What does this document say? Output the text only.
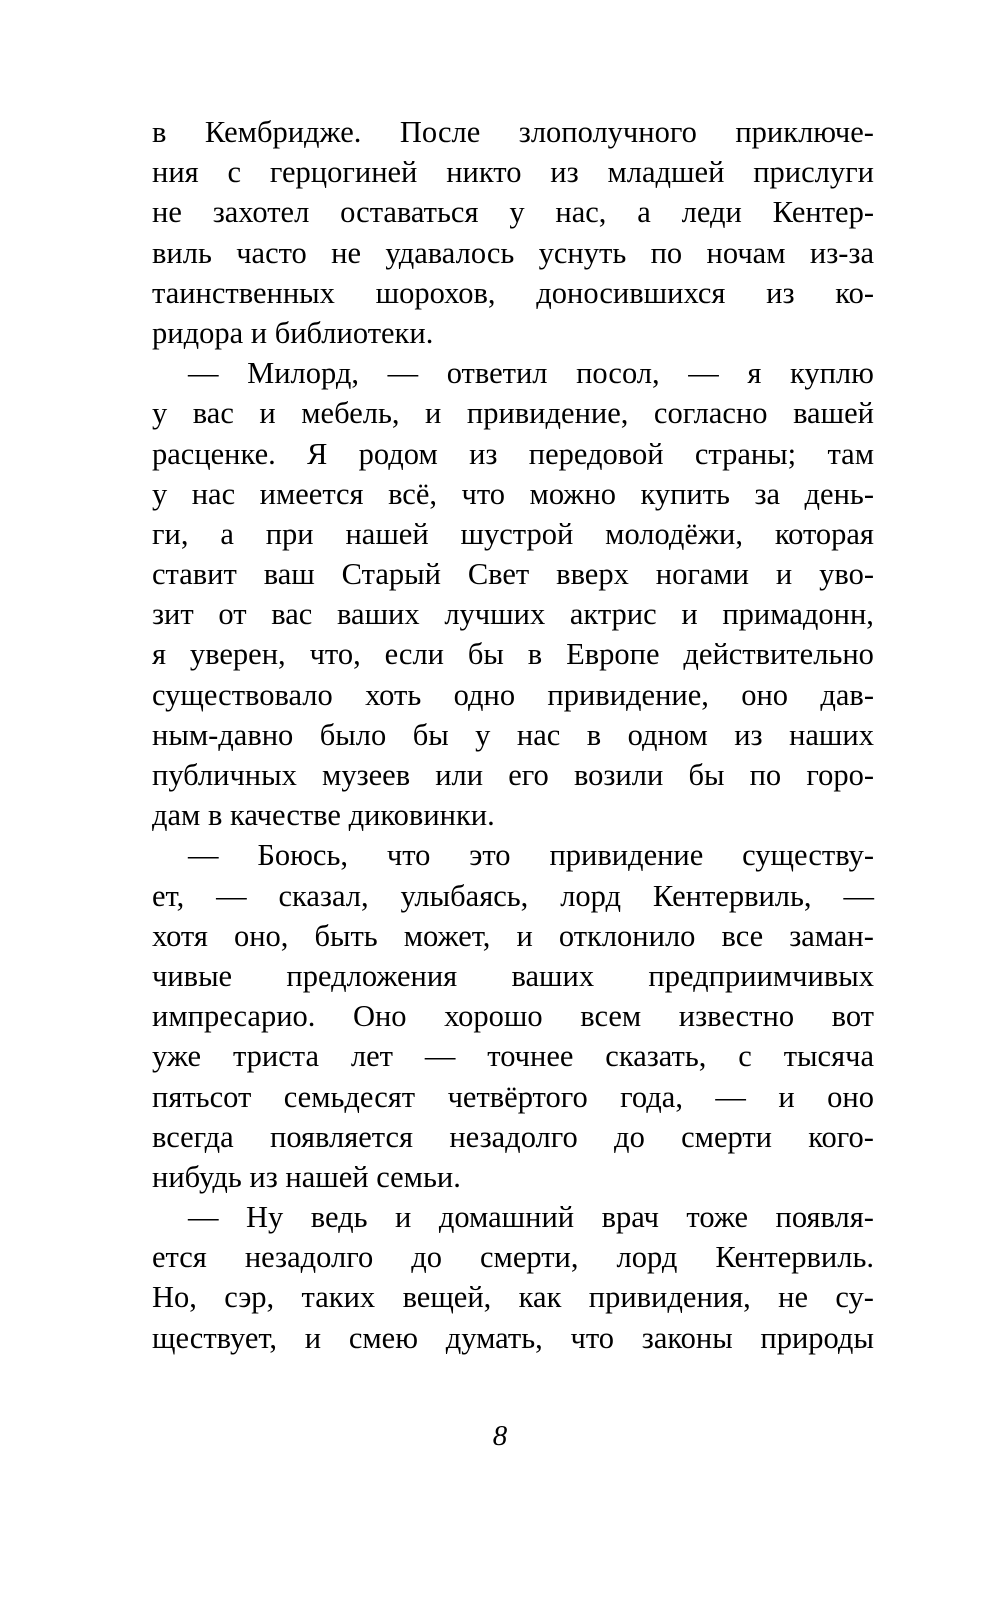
в Кембридже. После злополучного приключе-
ния с герцогиней никто из младшей прислуги
не захотел оставаться у нас, а леди Кентер-
виль часто не удавалось уснуть по ночам из-за
таинственных шорохов, доносившихся из ко-
ридора и библиотеки.
— Милорд, — ответил посол, — я куплю
у вас и мебель, и привидение, согласно вашей
расценке. Я родом из передовой страны; там
у нас имеется всё, что можно купить за день-
ги, а при нашей шустрой молодёжи, которая
ставит ваш Старый Свет вверх ногами и уво-
зит от вас ваших лучших актрис и примадонн,
я уверен, что, если бы в Европе действительно
существовало хоть одно привидение, оно дав-
ным-давно было бы у нас в одном из наших
публичных музеев или его возили бы по горо-
дам в качестве диковинки.
— Боюсь, что это привидение существу-
ет, — сказал, улыбаясь, лорд Кентервиль, —
хотя оно, быть может, и отклонило все заман-
чивые предложения ваших предприимчивых
импресарио. Оно хорошо всем известно вот
уже триста лет — точнее сказать, с тысяча
пятьсот семьдесят четвёртого года, — и оно
всегда появляется незадолго до смерти кого-
нибудь из нашей семьи.
— Ну ведь и домашний врач тоже появля-
ется незадолго до смерти, лорд Кентервиль.
Но, сэр, таких вещей, как привидения, не су-
ществует, и смею думать, что законы природы
8
